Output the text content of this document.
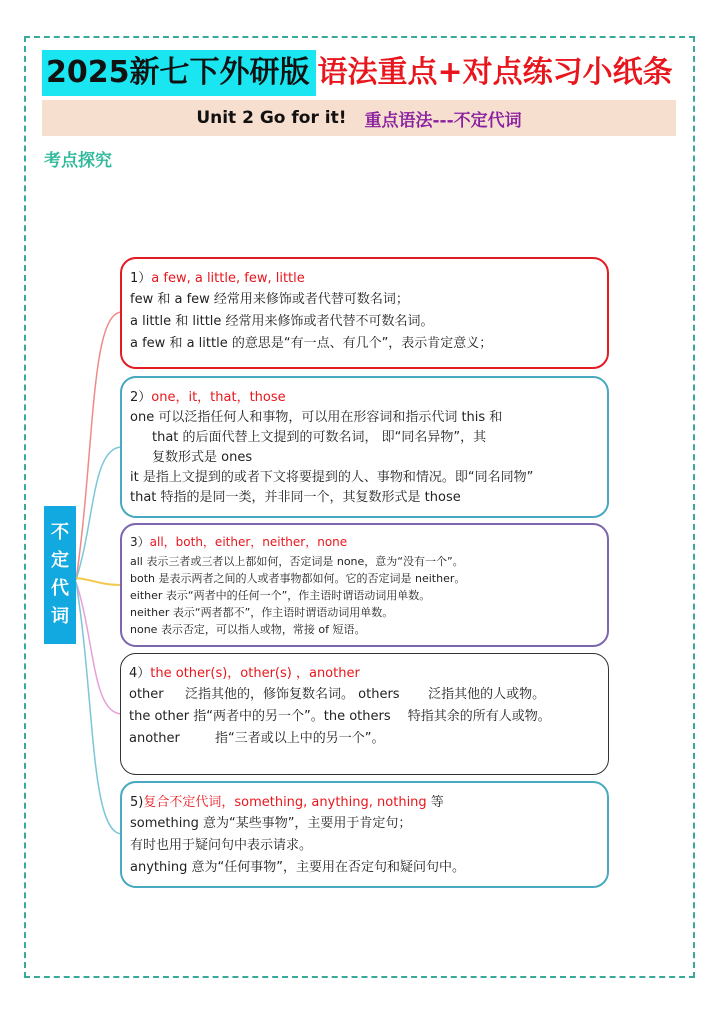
2025新七下外研版 语法重点+对点练习小纸条
Unit 2 Go for it! 重点语法---不定代词
考点探究
不
定
代
词
1）a few, a little, few, little
few 和 a few 经常用来修饰或者代替可数名词；
a little 和 little 经常用来修饰或者代替不可数名词。
a few 和 a little 的意思是“有一点、有几个”，表示肯定意义；
2）one，it，that，those
one 可以泛指任何人和事物，可以用在形容词和指示代词 this 和
that 的后面代替上文提到的可数名词， 即“同名异物”，其
复数形式是 ones
it 是指上文提到的或者下文将要提到的人、事物和情况。即“同名同物”
that 特指的是同一类，并非同一个，其复数形式是 those
3）all，both，either，neither，none
all 表示三者或三者以上都如何，否定词是 none，意为“没有一个”。
both 是表示两者之间的人或者事物都如何。它的否定词是 neither。
either 表示“两者中的任何一个”，作主语时谓语动词用单数。
neither 表示“两者都不”，作主语时谓语动词用单数。
none 表示否定，可以指人或物，常接 of 短语。
4）the other(s)，other(s) ，another
other 泛指其他的，修饰复数名词。 others 泛指其他的人或物。
the other 指“两者中的另一个”。the others 特指其余的所有人或物。
another	指“三者或以上中的另一个”。
5)复合不定代词，something, anything, nothing 等
something 意为“某些事物”，主要用于肯定句；
有时也用于疑问句中表示请求。
anything 意为“任何事物”，主要用在否定句和疑问句中。
